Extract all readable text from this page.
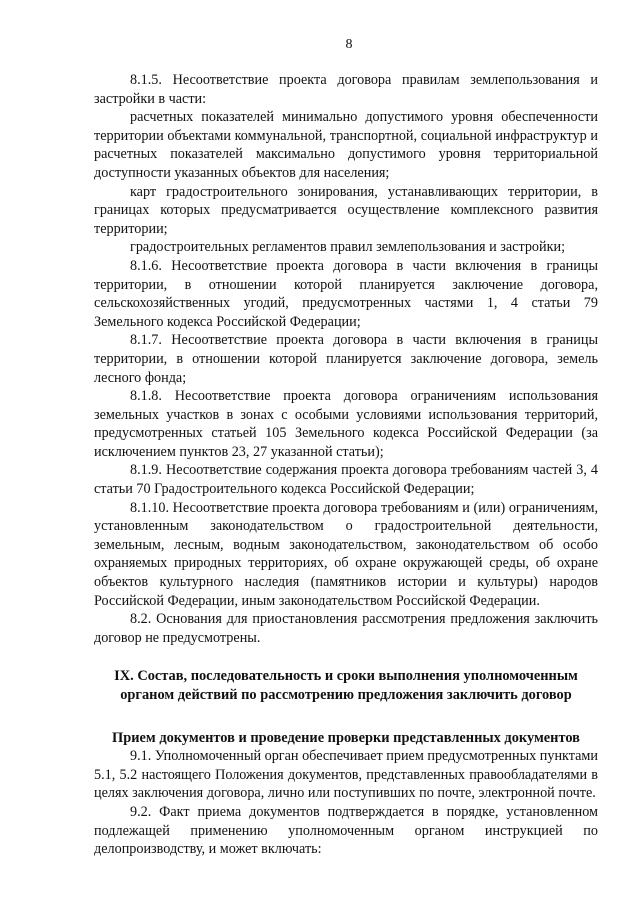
8

8.1.5. Несоответствие проекта договора правилам землепользования и застройки в части:

расчетных показателей минимально допустимого уровня обеспеченности территории объектами коммунальной, транспортной, социальной инфраструктур и расчетных показателей максимально допустимого уровня территориальной доступности указанных объектов для населения;

карт градостроительного зонирования, устанавливающих территории, в границах которых предусматривается осуществление комплексного развития территории;

градостроительных регламентов правил землепользования и застройки;

8.1.6. Несоответствие проекта договора в части включения в границы территории, в отношении которой планируется заключение договора, сельскохозяйственных угодий, предусмотренных частями 1, 4 статьи 79 Земельного кодекса Российской Федерации;

8.1.7. Несоответствие проекта договора в части включения в границы территории, в отношении которой планируется заключение договора, земель лесного фонда;

8.1.8. Несоответствие проекта договора ограничениям использования земельных участков в зонах с особыми условиями использования территорий, предусмотренных статьей 105 Земельного кодекса Российской Федерации (за исключением пунктов 23, 27 указанной статьи);

8.1.9. Несоответствие содержания проекта договора требованиям частей 3, 4 статьи 70 Градостроительного кодекса Российской Федерации;

8.1.10. Несоответствие проекта договора требованиям и (или) ограничениям, установленным законодательством о градостроительной деятельности, земельным, лесным, водным законодательством, законодательством об особо охраняемых природных территориях, об охране окружающей среды, об охране объектов культурного наследия (памятников истории и культуры) народов Российской Федерации, иным законодательством Российской Федерации.

8.2. Основания для приостановления рассмотрения предложения заключить договор не предусмотрены.

IX. Состав, последовательность и сроки выполнения уполномоченным органом действий по рассмотрению предложения заключить договор

Прием документов и проведение проверки представленных документов

9.1. Уполномоченный орган обеспечивает прием предусмотренных пунктами 5.1, 5.2 настоящего Положения документов, представленных правообладателями в целях заключения договора, лично или поступивших по почте, электронной почте.

9.2. Факт приема документов подтверждается в порядке, установленном подлежащей применению уполномоченным органом инструкцией по делопроизводству, и может включать:
